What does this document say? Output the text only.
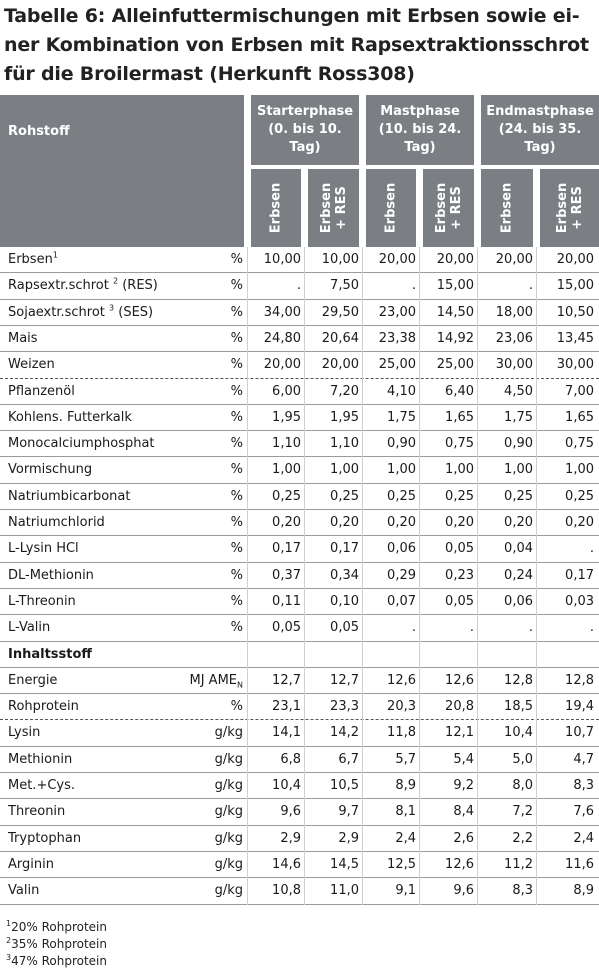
Tabelle 6: Alleinfuttermischungen mit Erbsen sowie ei-
ner Kombination von Erbsen mit Rapsextraktionsschrot
für die Broilermast (Herkunft Ross308)
Rohstoff
Starterphase
(0. bis 10.
Tag)
Mastphase
(10. bis 24.
Tag)
Endmastphase
(24. bis 35.
Tag)
Erbsen	Erbsen + RES	Erbsen	Erbsen + RES	Erbsen	Erbsen + RES
Erbsen$^1$	% 10,00 10,00 20,00 20,00 20,00 20,00
Rapsextr.schrot $^2$ (RES)	%	. 7,50	. 15,00	. 15,00
Sojaextr.schrot $^3$ (SES)	% 34,00 29,50 23,00 14,50 18,00 10,50
Mais	% 24,80 20,64 23,38 14,92 23,06 13,45
Weizen	% 20,00 20,00 25,00 25,00 30,00 30,00
Pflanzenöl	% 6,00 7,20 4,10 6,40 4,50 7,00
Kohlens. Futterkalk	% 1,95 1,95 1,75 1,65 1,75 1,65
Monocalciumphosphat	% 1,10 1,10 0,90 0,75 0,90 0,75
Vormischung	% 1,00 1,00 1,00 1,00 1,00 1,00
Natriumbicarbonat	% 0,25 0,25 0,25 0,25 0,25 0,25
Natriumchlorid	% 0,20 0,20 0,20 0,20 0,20 0,20
L-Lysin HCl	% 0,17 0,17 0,06 0,05 0,04	.
DL-Methionin	% 0,37 0,34 0,29 0,23 0,24 0,17
L-Threonin	% 0,11 0,10 0,07 0,05 0,06 0,03
L-Valin	% 0,05 0,05	.	.	.	.
Inhaltsstoff
Energie	MJ $AME_N$ 12,7 12,7 12,6 12,6 12,8 12,8
Rohprotein	% 23,1 23,3 20,3 20,8 18,5 19,4
Lysin	g/kg 14,1 14,2 11,8 12,1 10,4 10,7
Methionin	g/kg	6,8	6,7	5,7	5,4	5,0	4,7
Met.+Cys.	g/kg 10,4 10,5	8,9	9,2	8,0	8,3
Threonin	g/kg	9,6	9,7	8,1	8,4	7,2	7,6
Tryptophan	g/kg	2,9	2,9	2,4	2,6	2,2	2,4
Arginin	g/kg 14,6 14,5 12,5 12,6 11,2 11,6
Valin	g/kg 10,8 11,0	9,1	9,6	8,3	8,9
$^1$20% Rohprotein
$^2$35% Rohprotein
$^3$47% Rohprotein
